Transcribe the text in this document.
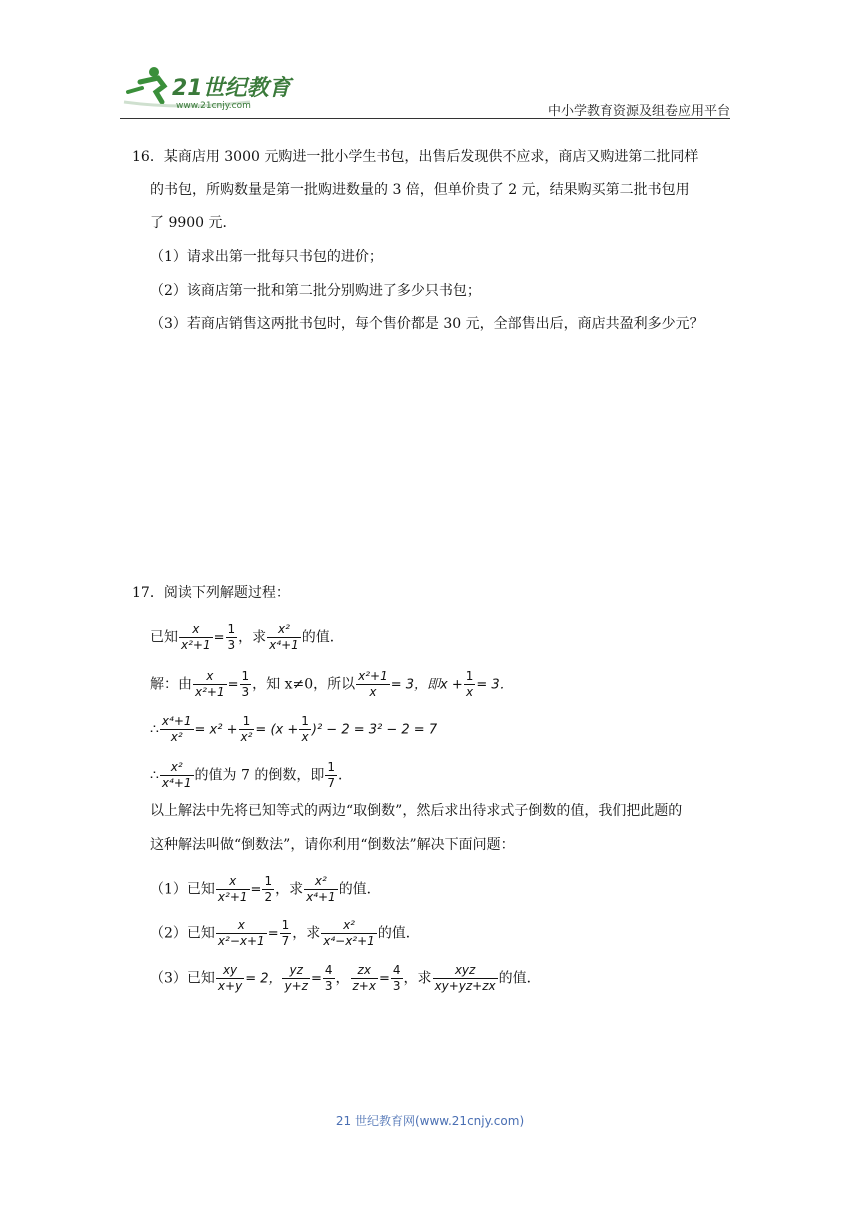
21世纪教育
www.21cnjy.com	中小学教育资源及组卷应用平台
16．某商店用 3000 元购进一批小学生书包，出售后发现供不应求，商店又购进第二批同样
的书包，所购数量是第一批购进数量的 3 倍，但单价贵了 2 元，结果购买第二批书包用
了 9900 元．
（1）请求出第一批每只书包的进价；
（2）该商店第一批和第二批分别购进了多少只书包；
（3）若商店销售这两批书包时，每个售价都是 30 元，全部售出后，商店共盈利多少元？
17．阅读下列解题过程：
已知 $\frac{x}{\text{x²+1}} = \frac{1}{3}$ ，求 $\frac{\text{x²}}{\text{x⁴+1}}$ 的值．
解：由 $\frac{x}{\text{x²+1}} = \frac{1}{3}$ ，知 x≠0，所以 $\frac{\text{x²+1}}{x} = 3$，即$x + \frac{1}{x} = 3$．
∴ $\frac{\text{x⁴+1}}{\text{x²}} = x^2 + \frac{1}{\text{x²}} = (x + \frac{1}{x} )^2 - 2 = 3^2 - 2 = 7$
∴ $\frac{\text{x²}}{\text{x⁴+1}}$ 的值为 7 的倒数，即 $\frac{1}{7}$ ．
以上解法中先将已知等式的两边“取倒数”，然后求出待求式子倒数的值，我们把此题的
这种解法叫做“倒数法”，请你利用“倒数法”解决下面问题：
（1）已知 $\frac{x}{\text{x²+1}} = \frac{1}{2}$ ，求 $\frac{\text{x²}}{\text{x⁴+1}}$ 的值．
（2）已知 $\frac{x}{\text{x²−x+1}} = \frac{1}{7}$ ，求 $\frac{\text{x²}}{\text{x⁴−x²+1}}$ 的值．
（3）已知 $\frac{xy}{x+y} = 2$， $\frac{yz}{y+z} = \frac{4}{3}$ ， $\frac{zx}{z+x} = \frac{4}{3}$ ，求 $\frac{\text{xyz}}{xy+yz+zx}$ 的值．
21 世纪教育网(www.21cnjy.com)
